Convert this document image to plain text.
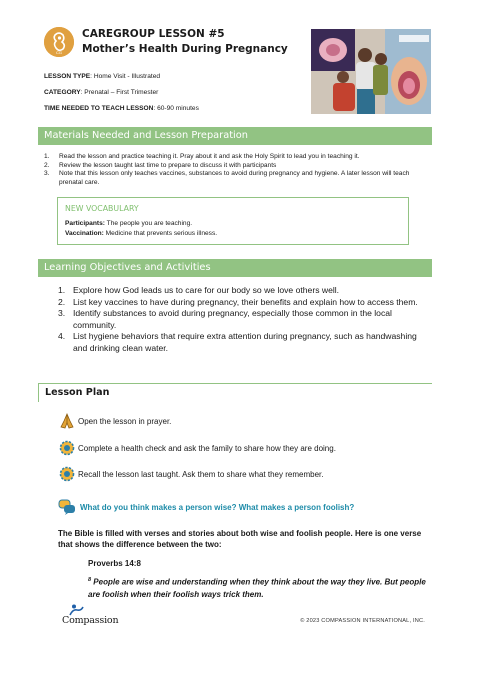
CG
CAREGROUP LESSON #5
Mother’s Health During Pregnancy
LESSON TYPE: Home Visit - Illustrated
CATEGORY: Prenatal – First Trimester
TIME NEEDED TO TEACH LESSON: 60-90 minutes
Materials Needed and Lesson Preparation
1. Read the lesson and practice teaching it. Pray about it and ask the Holy Spirit to lead you in teaching it.
2. Review the lesson taught last time to prepare to discuss it with participants
3. Note that this lesson only teaches vaccines, substances to avoid during pregnancy and hygiene. A later lesson will teach prenatal care.
NEW VOCABULARY
Participants: The people you are teaching.
Vaccination: Medicine that prevents serious illness.
Learning Objectives and Activities
1. Explore how God leads us to care for our body so we love others well.
2. List key vaccines to have during pregnancy, their benefits and explain how to access them.
3. Identify substances to avoid during pregnancy, especially those common in the local community.
4. List hygiene behaviors that require extra attention during pregnancy, such as handwashing and drinking clean water.
Lesson Plan
Open the lesson in prayer.
Complete a health check and ask the family to share how they are doing.
Recall the lesson last taught. Ask them to share what they remember.
What do you think makes a person wise? What makes a person foolish?
The Bible is filled with verses and stories about both wise and foolish people. Here is one verse that shows the difference between the two:
Proverbs 14:8
$^8$ People are wise and understanding when they think about the way they live. But people are foolish when their foolish ways trick them.
Compassion	© 2023 COMPASSION INTERNATIONAL, INC.
